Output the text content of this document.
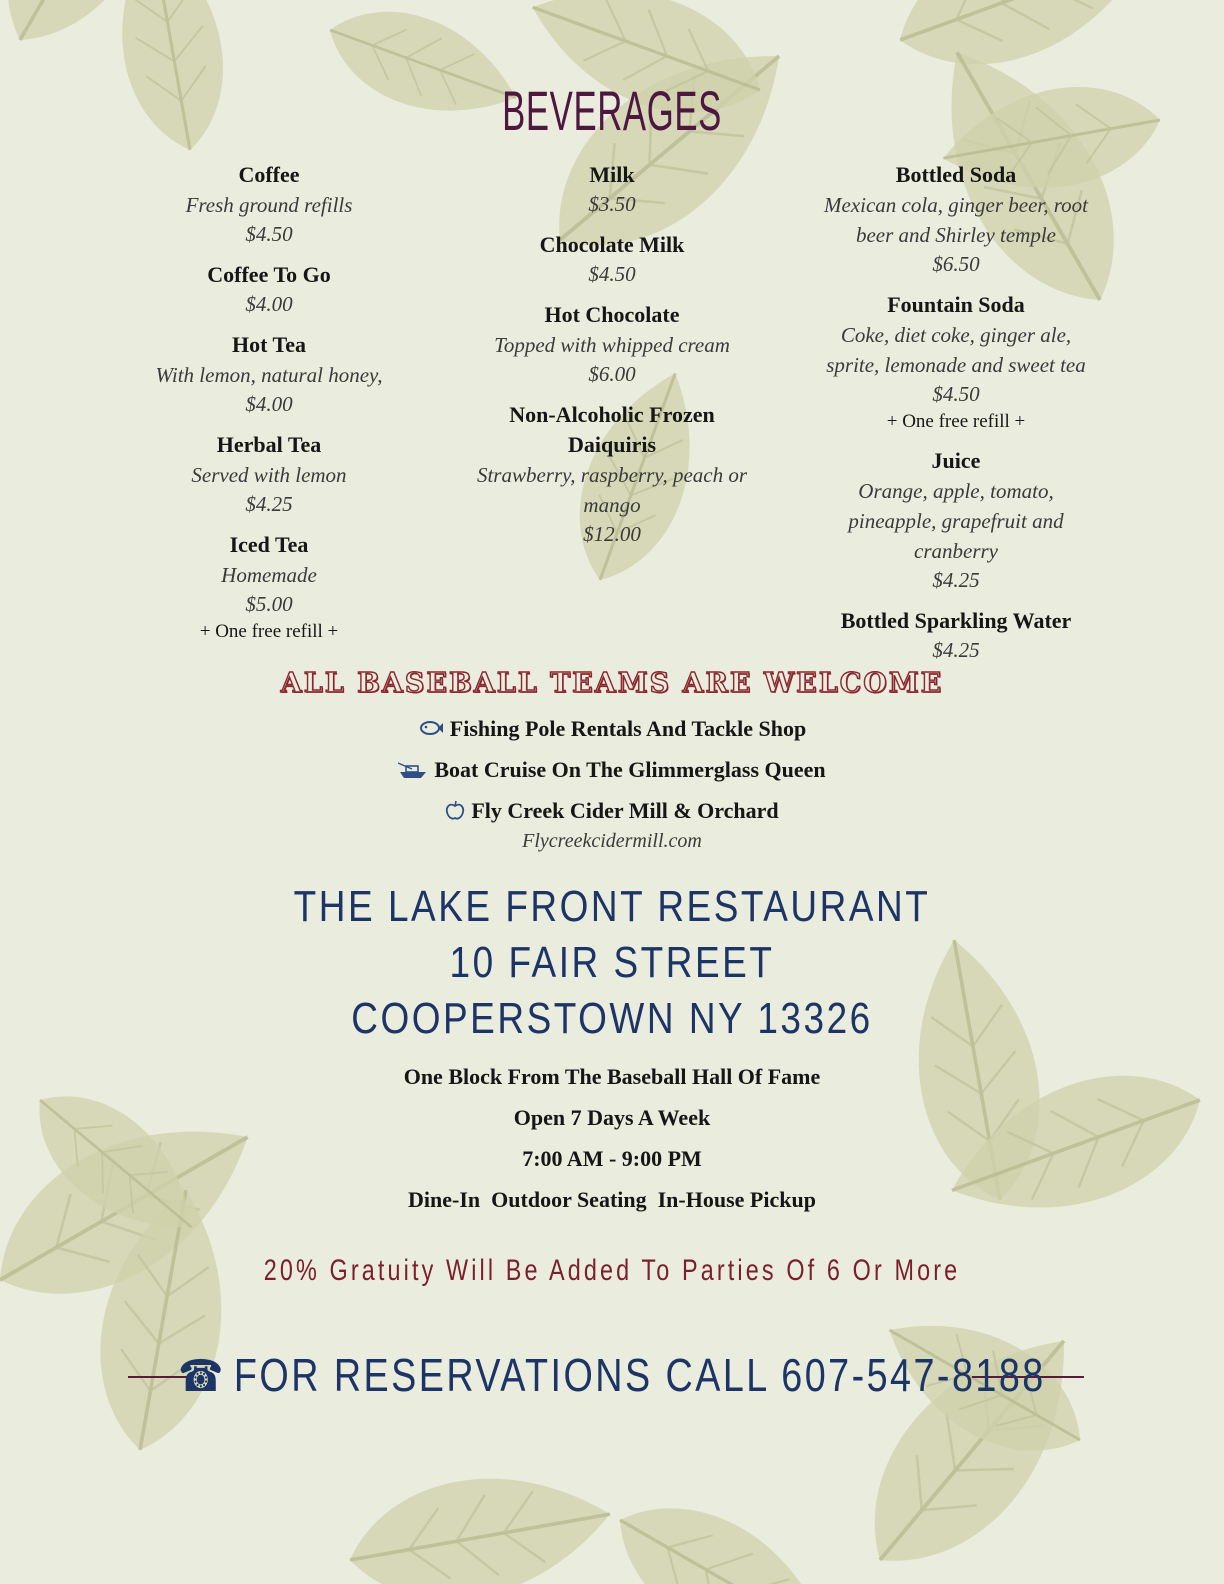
BEVERAGES
Coffee
Fresh ground refills
$4.50
Coffee To Go
$4.00
Hot Tea
With lemon, natural honey,
$4.00
Herbal Tea
Served with lemon
$4.25
Iced Tea
Homemade
$5.00
+ One free refill +
Milk
$3.50
Chocolate Milk
$4.50
Hot Chocolate
Topped with whipped cream
$6.00
Non-Alcoholic Frozen Daiquiris
Strawberry, raspberry, peach or mango
$12.00
Bottled Soda
Mexican cola, ginger beer, root beer and Shirley temple
$6.50
Fountain Soda
Coke, diet coke, ginger ale, sprite, lemonade and sweet tea
$4.50
+ One free refill +
Juice
Orange, apple, tomato, pineapple, grapefruit and cranberry
$4.25
Bottled Sparkling Water
$4.25
ALL BASEBALL TEAMS ARE WELCOME
Fishing Pole Rentals And Tackle Shop
Boat Cruise On The Glimmerglass Queen
Fly Creek Cider Mill & Orchard
Flycreekcidermill.com
THE LAKE FRONT RESTAURANT
10 FAIR STREET
COOPERSTOWN NY 13326
One Block From The Baseball Hall Of Fame
Open 7 Days A Week
7:00 AM - 9:00 PM
Dine-In  Outdoor Seating  In-House Pickup
20% Gratuity Will Be Added To Parties Of 6 Or More
☎ FOR RESERVATIONS CALL 607-547-8188
